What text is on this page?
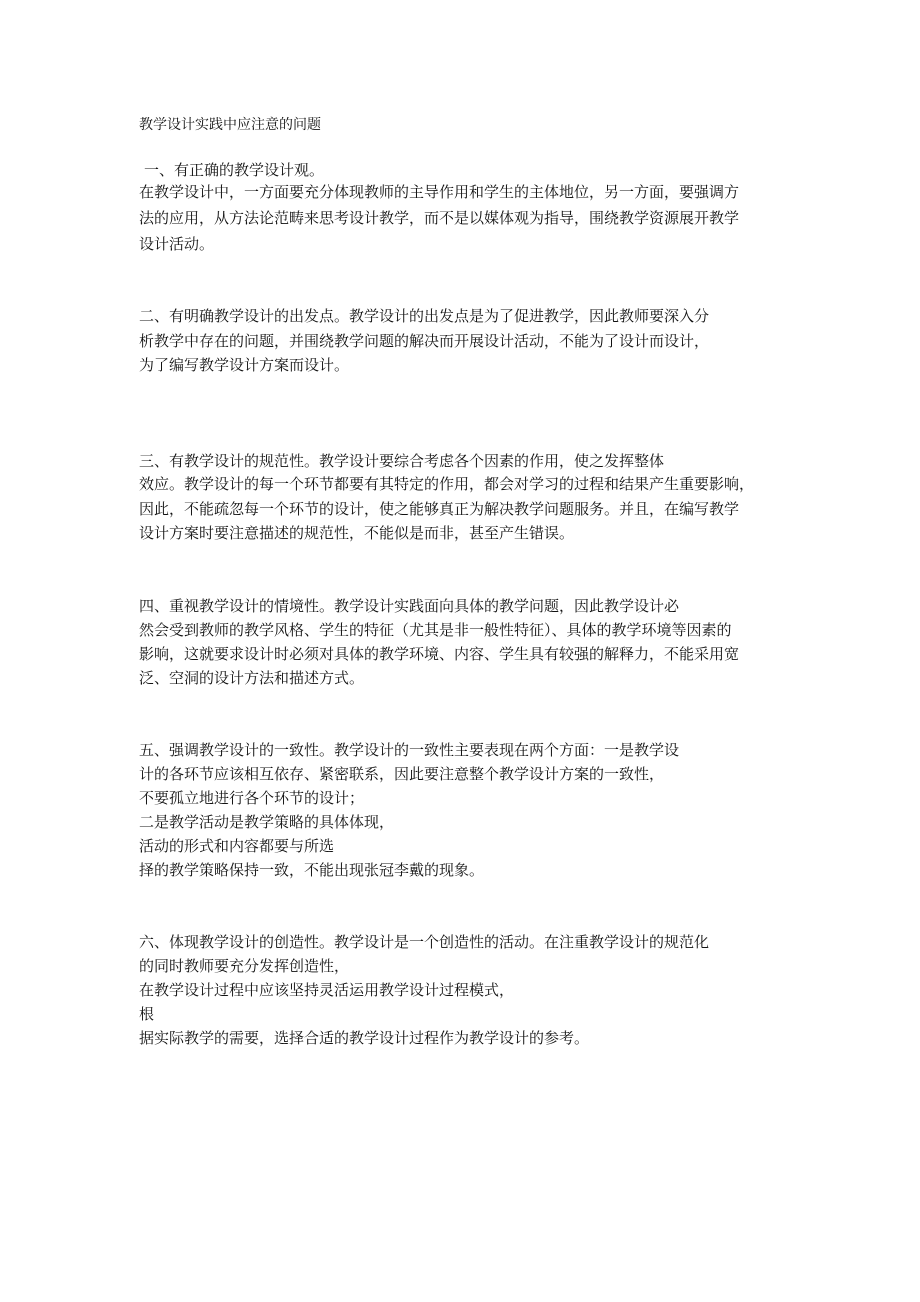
教学设计实践中应注意的问题
一、有正确的教学设计观。
在教学设计中，一方面要充分体现教师的主导作用和学生的主体地位，另一方面，要强调方
法的应用，从方法论范畴来思考设计教学，而不是以媒体观为指导，围绕教学资源展开教学
设计活动。
二、有明确教学设计的出发点。教学设计的出发点是为了促进教学，因此教师要深入分
析教学中存在的问题，并围绕教学问题的解决而开展设计活动，不能为了设计而设计，
为了编写教学设计方案而设计。
三、有教学设计的规范性。教学设计要综合考虑各个因素的作用，使之发挥整体
效应。教学设计的每一个环节都要有其特定的作用，都会对学习的过程和结果产生重要影响，
因此，不能疏忽每一个环节的设计，使之能够真正为解决教学问题服务。并且，在编写教学
设计方案时要注意描述的规范性，不能似是而非，甚至产生错误。
四、重视教学设计的情境性。教学设计实践面向具体的教学问题，因此教学设计必
然会受到教师的教学风格、学生的特征（尤其是非一般性特征）、具体的教学环境等因素的
影响，这就要求设计时必须对具体的教学环境、内容、学生具有较强的解释力，不能采用宽
泛、空洞的设计方法和描述方式。
五、强调教学设计的一致性。教学设计的一致性主要表现在两个方面：一是教学设
计的各环节应该相互依存、紧密联系，因此要注意整个教学设计方案的一致性，
不要孤立地进行各个环节的设计；
二是教学活动是教学策略的具体体现，
活动的形式和内容都要与所选
择的教学策略保持一致，不能出现张冠李戴的现象。
六、体现教学设计的创造性。教学设计是一个创造性的活动。在注重教学设计的规范化
的同时教师要充分发挥创造性，
在教学设计过程中应该坚持灵活运用教学设计过程模式，
根
据实际教学的需要，选择合适的教学设计过程作为教学设计的参考。
